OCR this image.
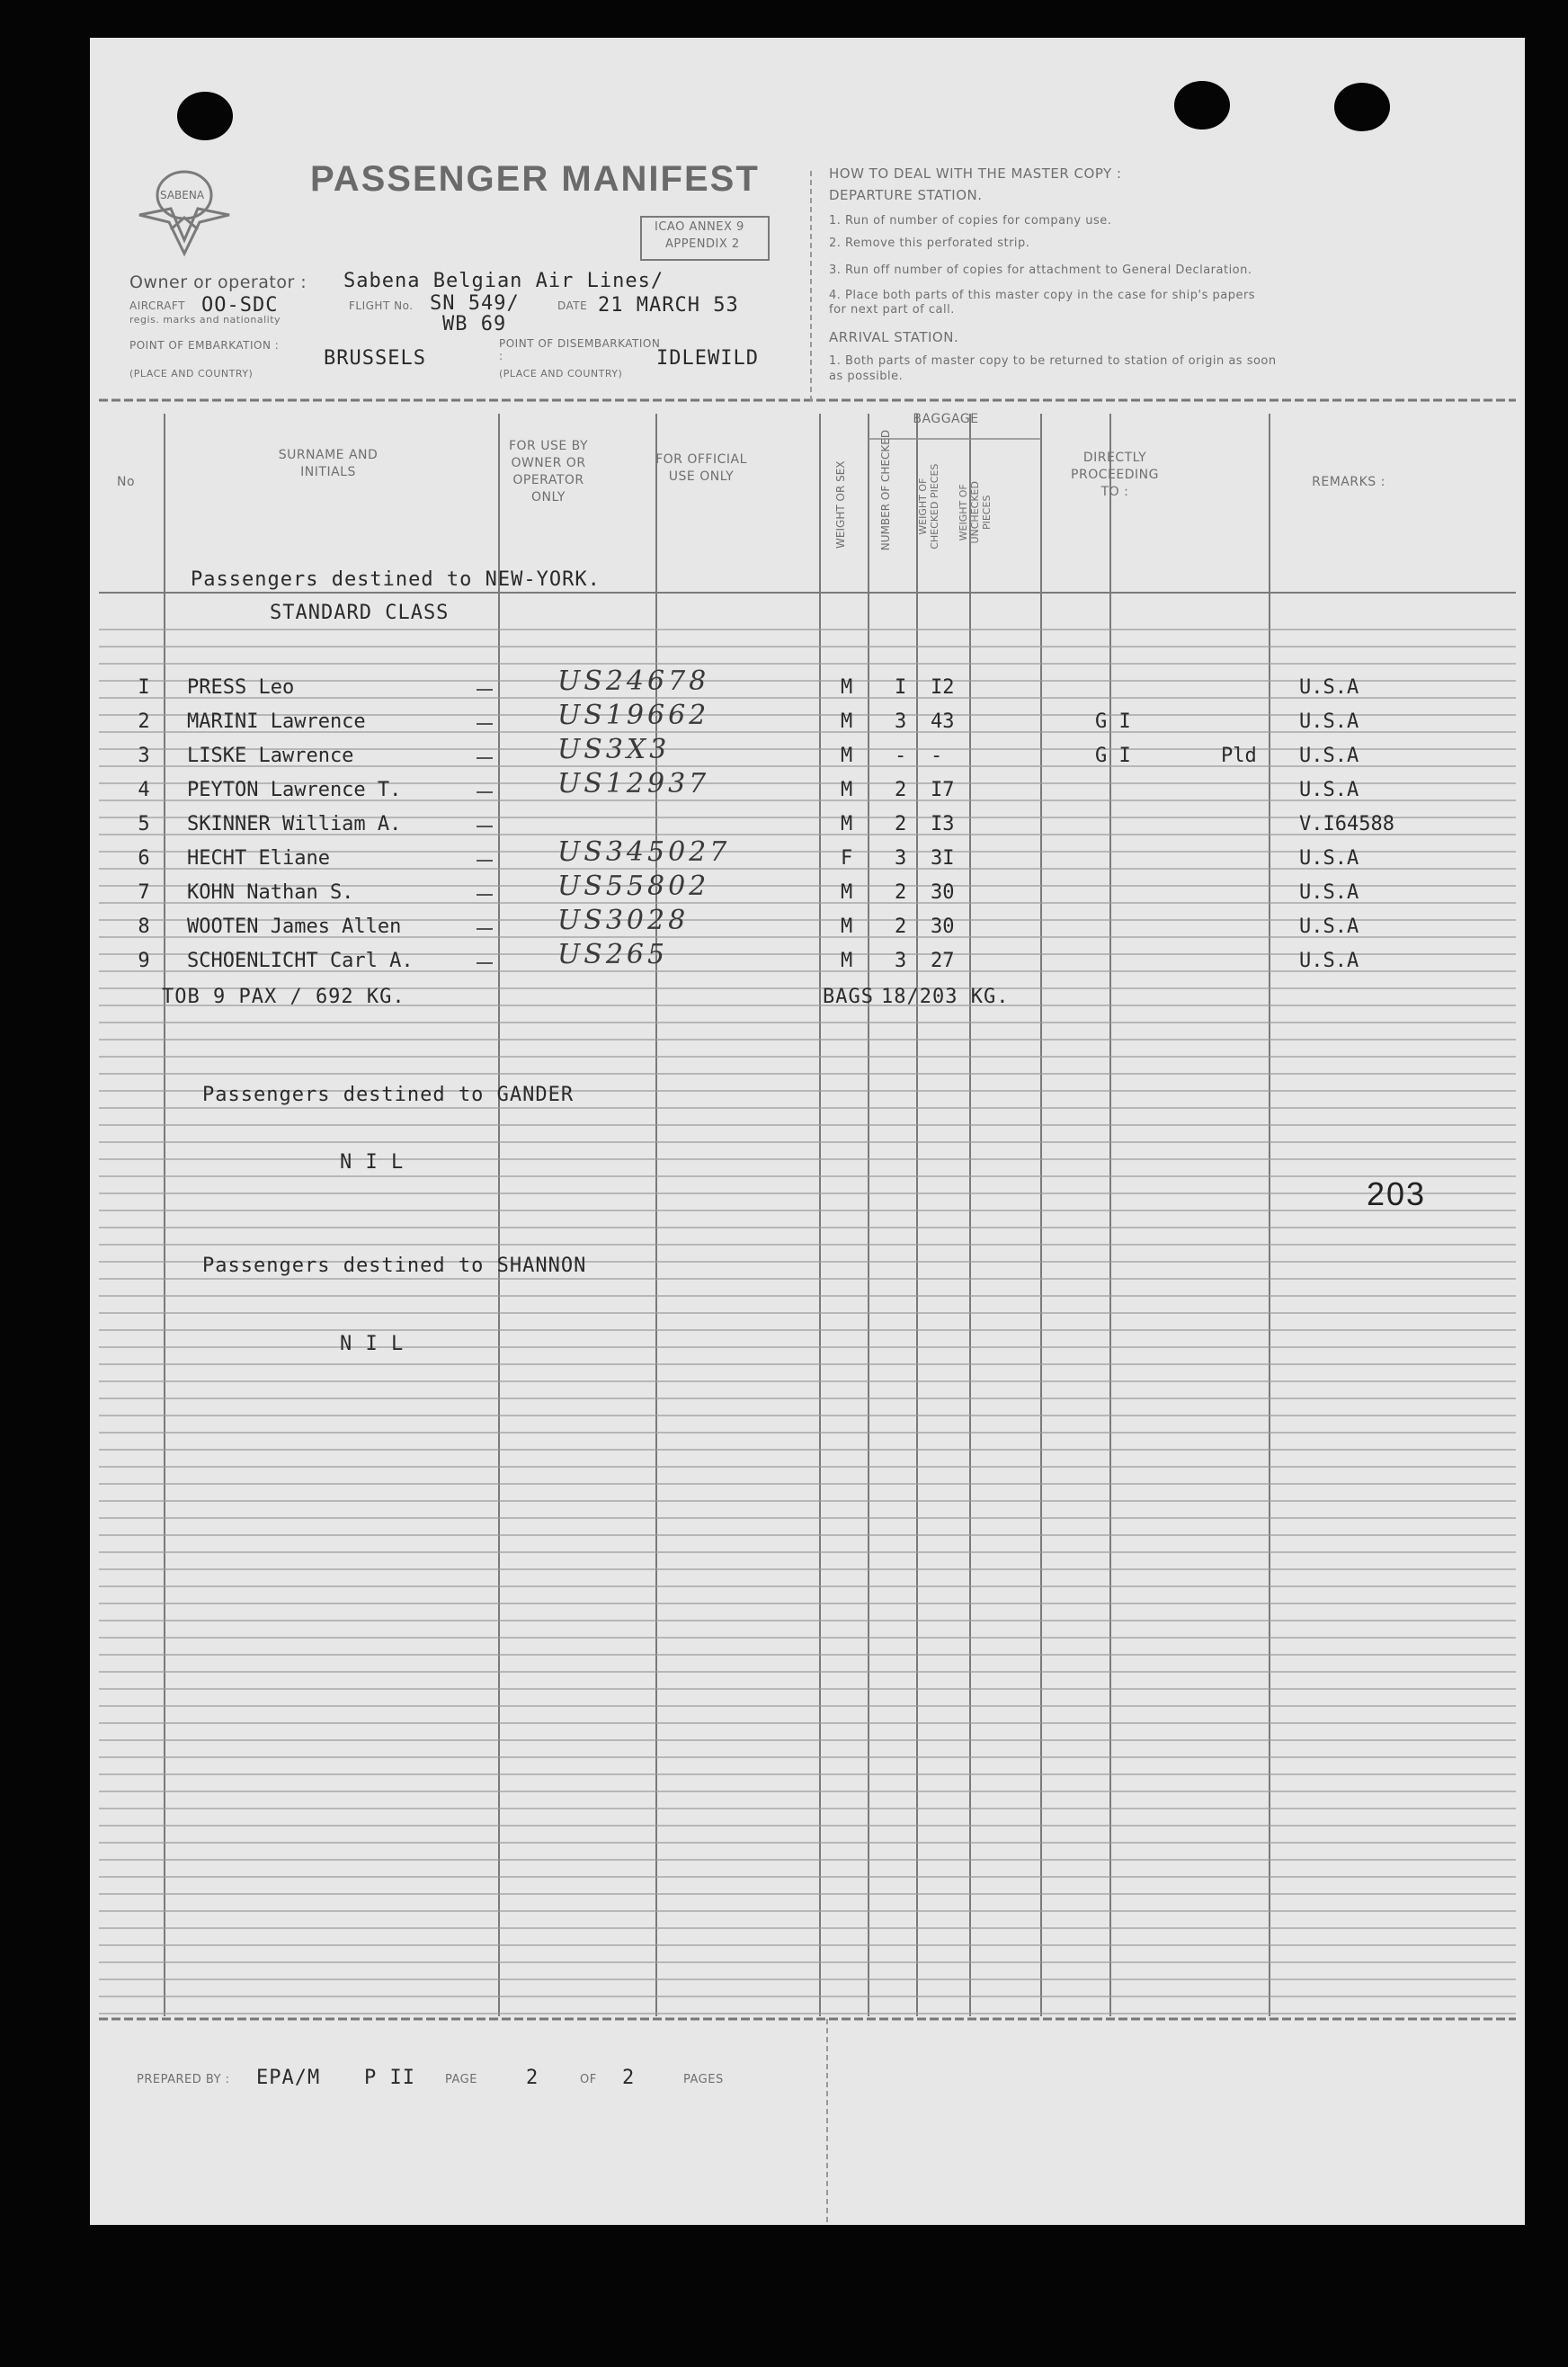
SABENA	PASSENGER MANIFEST
ICAO ANNEX 9
APPENDIX 2
Owner or operator : Sabena Belgian Air Lines/
AIRCRAFT OO-SDC	FLIGHT No. SN 549/
WB 69
DATE 21 MARCH 53
regis. marks and nationality
POINT OF EMBARKATION :
(PLACE AND COUNTRY)
BRUSSELS
POINT OF DISEMBARKATION :
(PLACE AND COUNTRY)
IDLEWILD
HOW TO DEAL WITH THE MASTER COPY :
DEPARTURE STATION.
1. Run of number of copies for company use.
2. Remove this perforated strip.
3. Run off number of copies for attachment to General Declaration.
4. Place both parts of this master copy in the case for ship's papers
for next part of call.
ARRIVAL STATION.
1. Both parts of master copy to be returned to station of origin as soon
as possible.
No
SURNAME AND INITIALS
FOR USE BY OWNER OR OPERATOR ONLY
FOR OFFICIAL USE ONLY	WEIGHT OR SEX
BAGGAGE
NUMBER OF CHECKED	WEIGHT OF CHECKED PIECES WEIGHT OF UNCHECKED PIECES
DIRECTLY PROCEEDING TO :
REMARKS :
Passengers destined to NEW-YORK.
STANDARD CLASS
I	PRESS Leo	US24678	M I I2	U.S.A
2	MARINI Lawrence	US19662	M 3 43	G I	U.S.A
3	LISKE Lawrence	US3X3	M - -	G I	Pld U.S.A
4	PEYTON Lawrence T.	US12937	M 2 I7	U.S.A
5	SKINNER William A.	M 2 I3	V.I64588
6	HECHT Eliane	US345027	F 3 3I	U.S.A
7	KOHN Nathan S.	US55802	M 2 30	U.S.A
8	WOOTEN James Allen	US3028	M 2 30	U.S.A
9	SCHOENLICHT Carl A.	US265	M 3 27	U.S.A
TOB 9 PAX / 692 KG.	BAGS 18/203 KG.
Passengers destined to GANDER
N I L
203
Passengers destined to SHANNON
N I L
PREPARED BY : EPA/M P II	PAGE 2	OF 2	PAGES
